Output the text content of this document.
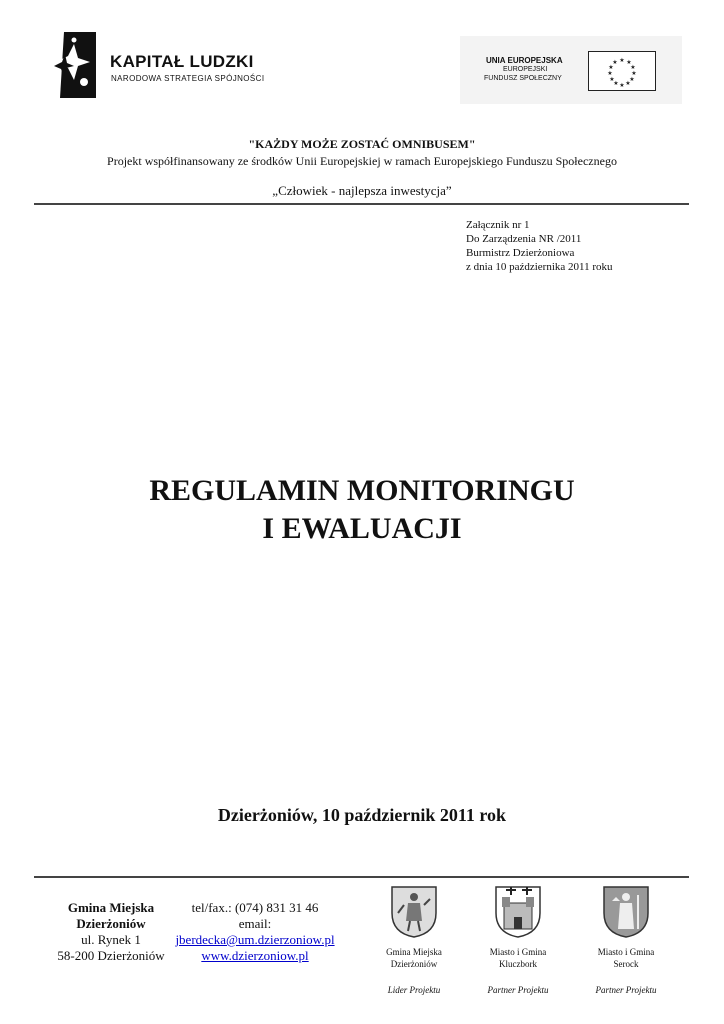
KAPITAŁ LUDZKI
NARODOWA STRATEGIA SPÓJNOŚCI
UNIA EUROPEJSKA
EUROPEJSKI
FUNDUSZ SPOŁECZNY
★ ★
★
★
★
★
★
★
★
★
★
★
"KAŻDY MOŻE ZOSTAĆ OMNIBUSEM"
Projekt współfinansowany ze środków Unii Europejskiej w ramach Europejskiego Funduszu Społecznego
„Człowiek - najlepsza inwestycja”
Załącznik nr 1
Do Zarządzenia NR /2011
Burmistrz Dzierżoniowa
z dnia 10 października 2011 roku
REGULAMIN MONITORINGU
I EWALUACJI
Dzierżoniów, 10 październik 2011 rok
Gmina Miejska
Dzierżoniów
ul. Rynek 1
58-200 Dzierżoniów
tel/fax.: (074) 831 31 46
email:
jberdecka@um.dzierzoniow.pl
www.dzierzoniow.pl	Gmina Miejska
Dzierżoniów
Lider Projektu
Miasto i Gmina
Kluczbork
Partner Projektu
Miasto i Gmina
Serock
Partner Projektu
